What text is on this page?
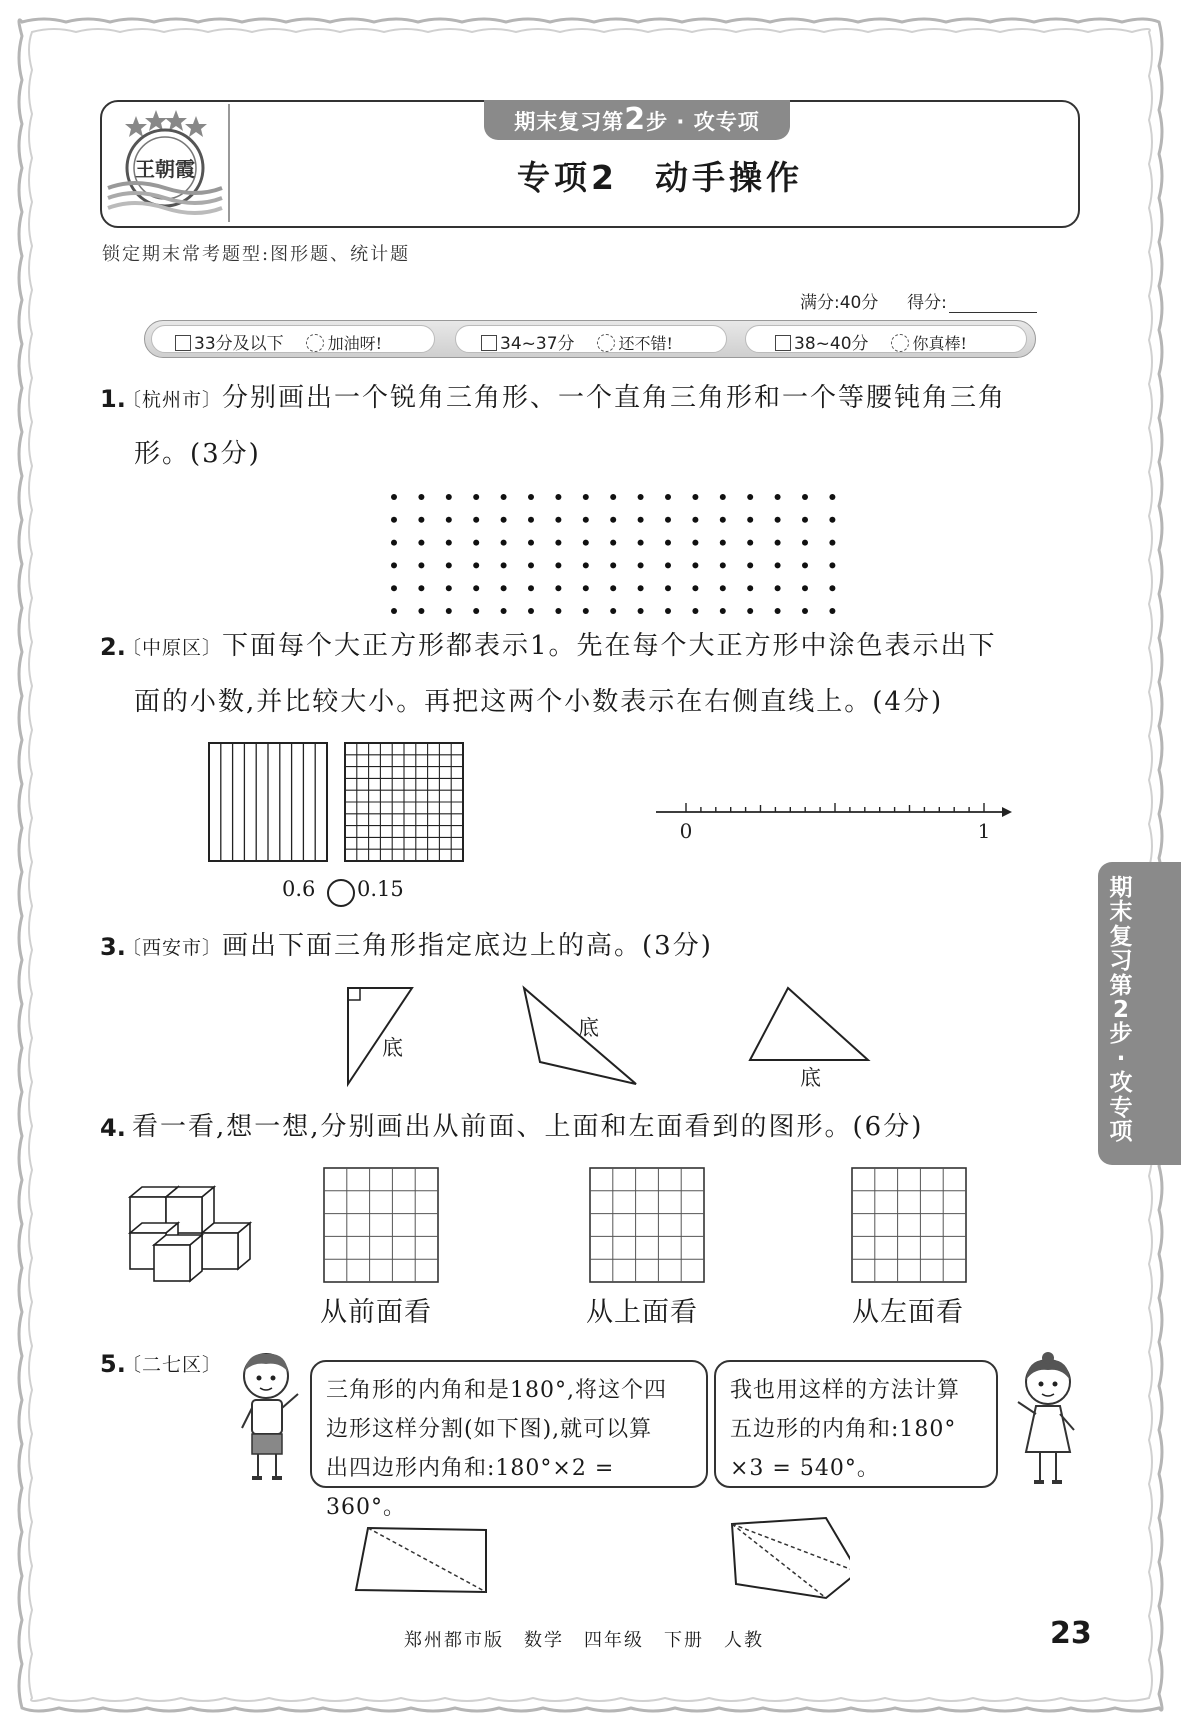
王朝霞
期末复习第2步 · 攻专项
专项2　动手操作
锁定期末常考题型:图形题、统计题
满分:40分 得分:
33分及以下	加油呀!	34~37分	还不错!	38~40分	你真棒!
1.
〔杭州市〕分别画出一个锐角三角形、一个直角三角形和一个等腰钝角三角
形。(3分)
2.
〔中原区〕下面每个大正方形都表示1。先在每个大正方形中涂色表示出下
面的小数,并比较大小。再把这两个小数表示在右侧直线上。(4分)
0.6 0.15
0	1
3.
〔西安市〕画出下面三角形指定底边上的高。(3分)
底
底
底
4. 看一看,想一想,分别画出从前面、上面和左面看到的图形。(6分)
从前面看	从上面看	从左面看
5.
〔二七区〕
三角形的内角和是180°,将这个四
边形这样分割(如下图),就可以算
出四边形内角和:180°×2 = 360°。
我也用这样的方法计算
五边形的内角和:180°
×3 = 540°。
期末复习第2步·攻专项
郑州都市版　数学　四年级　下册　人教	23
